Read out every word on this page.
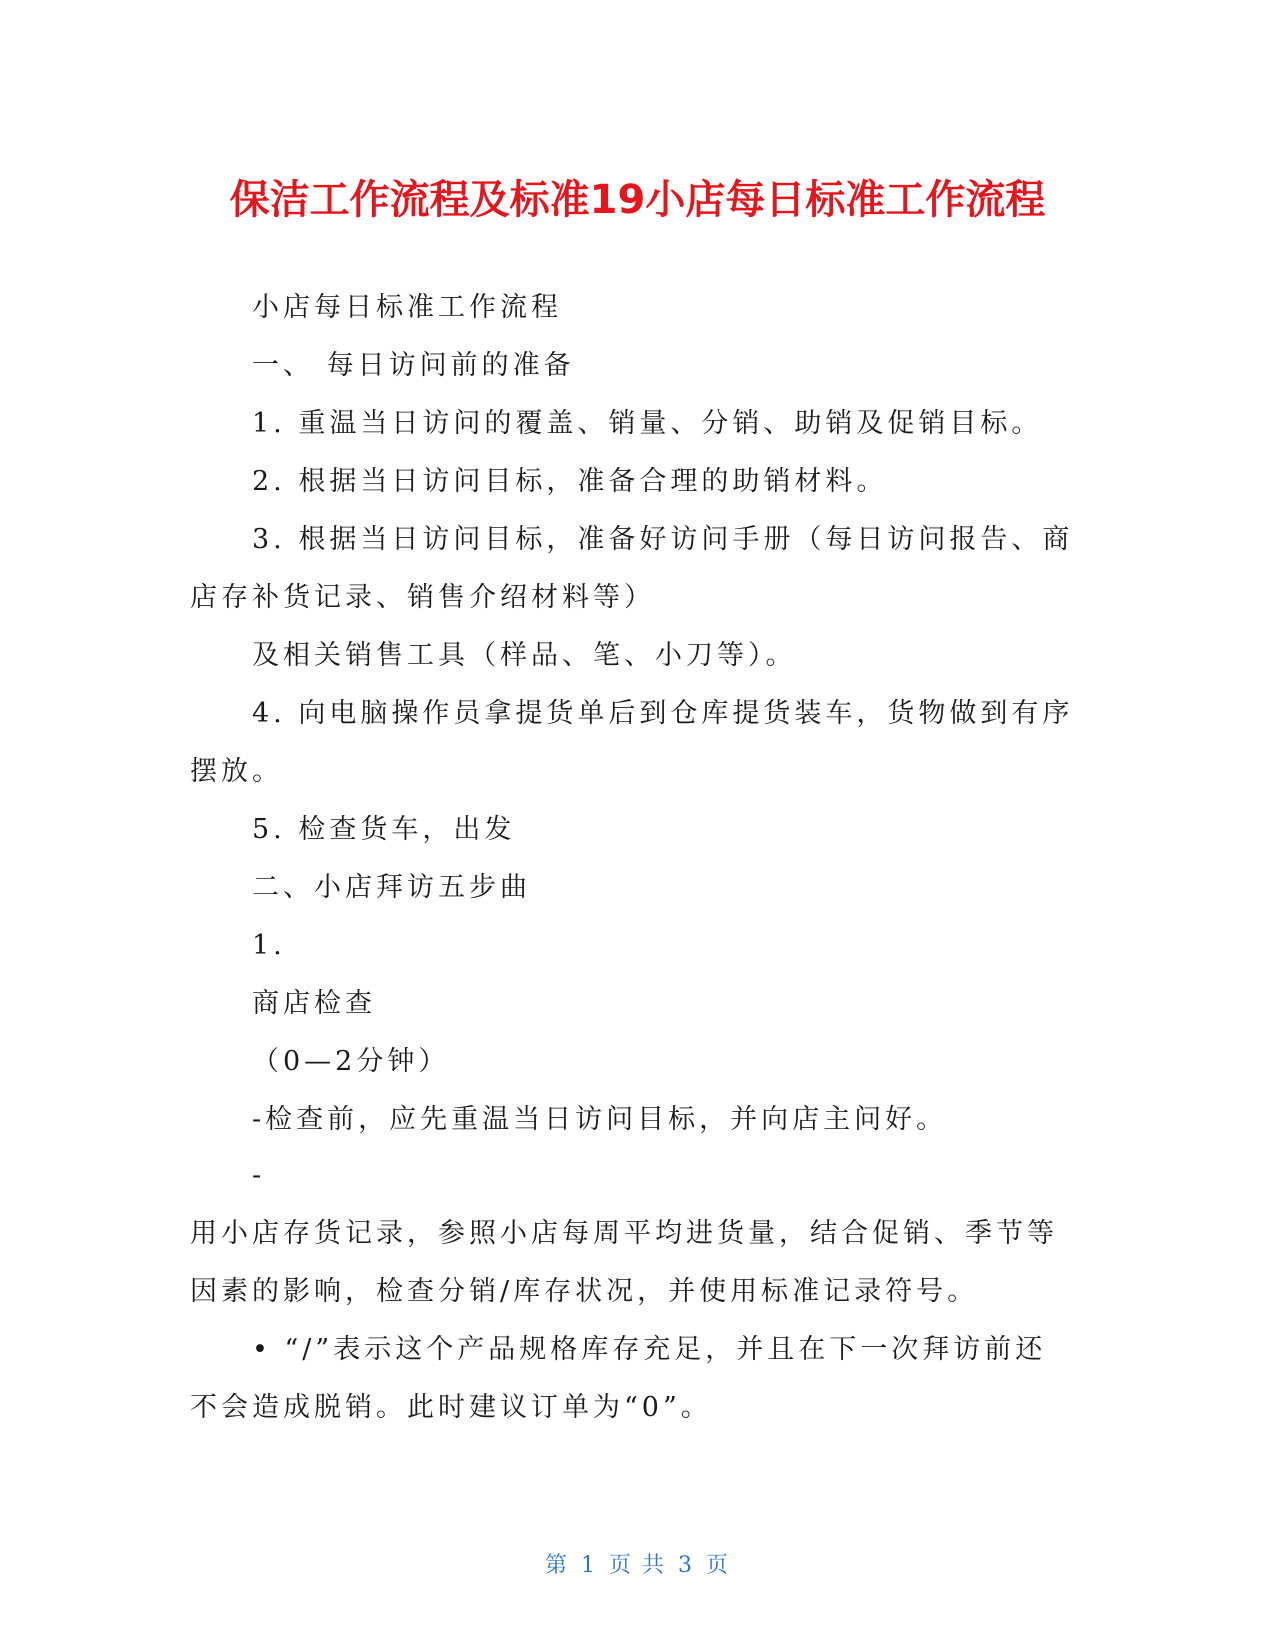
保洁工作流程及标准19小店每日标准工作流程
小店每日标准工作流程
一、 每日访问前的准备
1. 重温当日访问的覆盖、销量、分销、助销及促销目标。
2. 根据当日访问目标，准备合理的助销材料。
3. 根据当日访问目标，准备好访问手册（每日访问报告、商
店存补货记录、销售介绍材料等）
及相关销售工具（样品、笔、小刀等）。
4. 向电脑操作员拿提货单后到仓库提货装车，货物做到有序
摆放。
5. 检查货车，出发
二、小店拜访五步曲
1.
商店检查
（0—2分钟）
-检查前，应先重温当日访问目标，并向店主问好。
-
用小店存货记录，参照小店每周平均进货量，结合促销、季节等
因素的影响，检查分销/库存状况，并使用标准记录符号。
• “/”表示这个产品规格库存充足，并且在下一次拜访前还
不会造成脱销。此时建议订单为“0”。
第 1 页 共 3 页
